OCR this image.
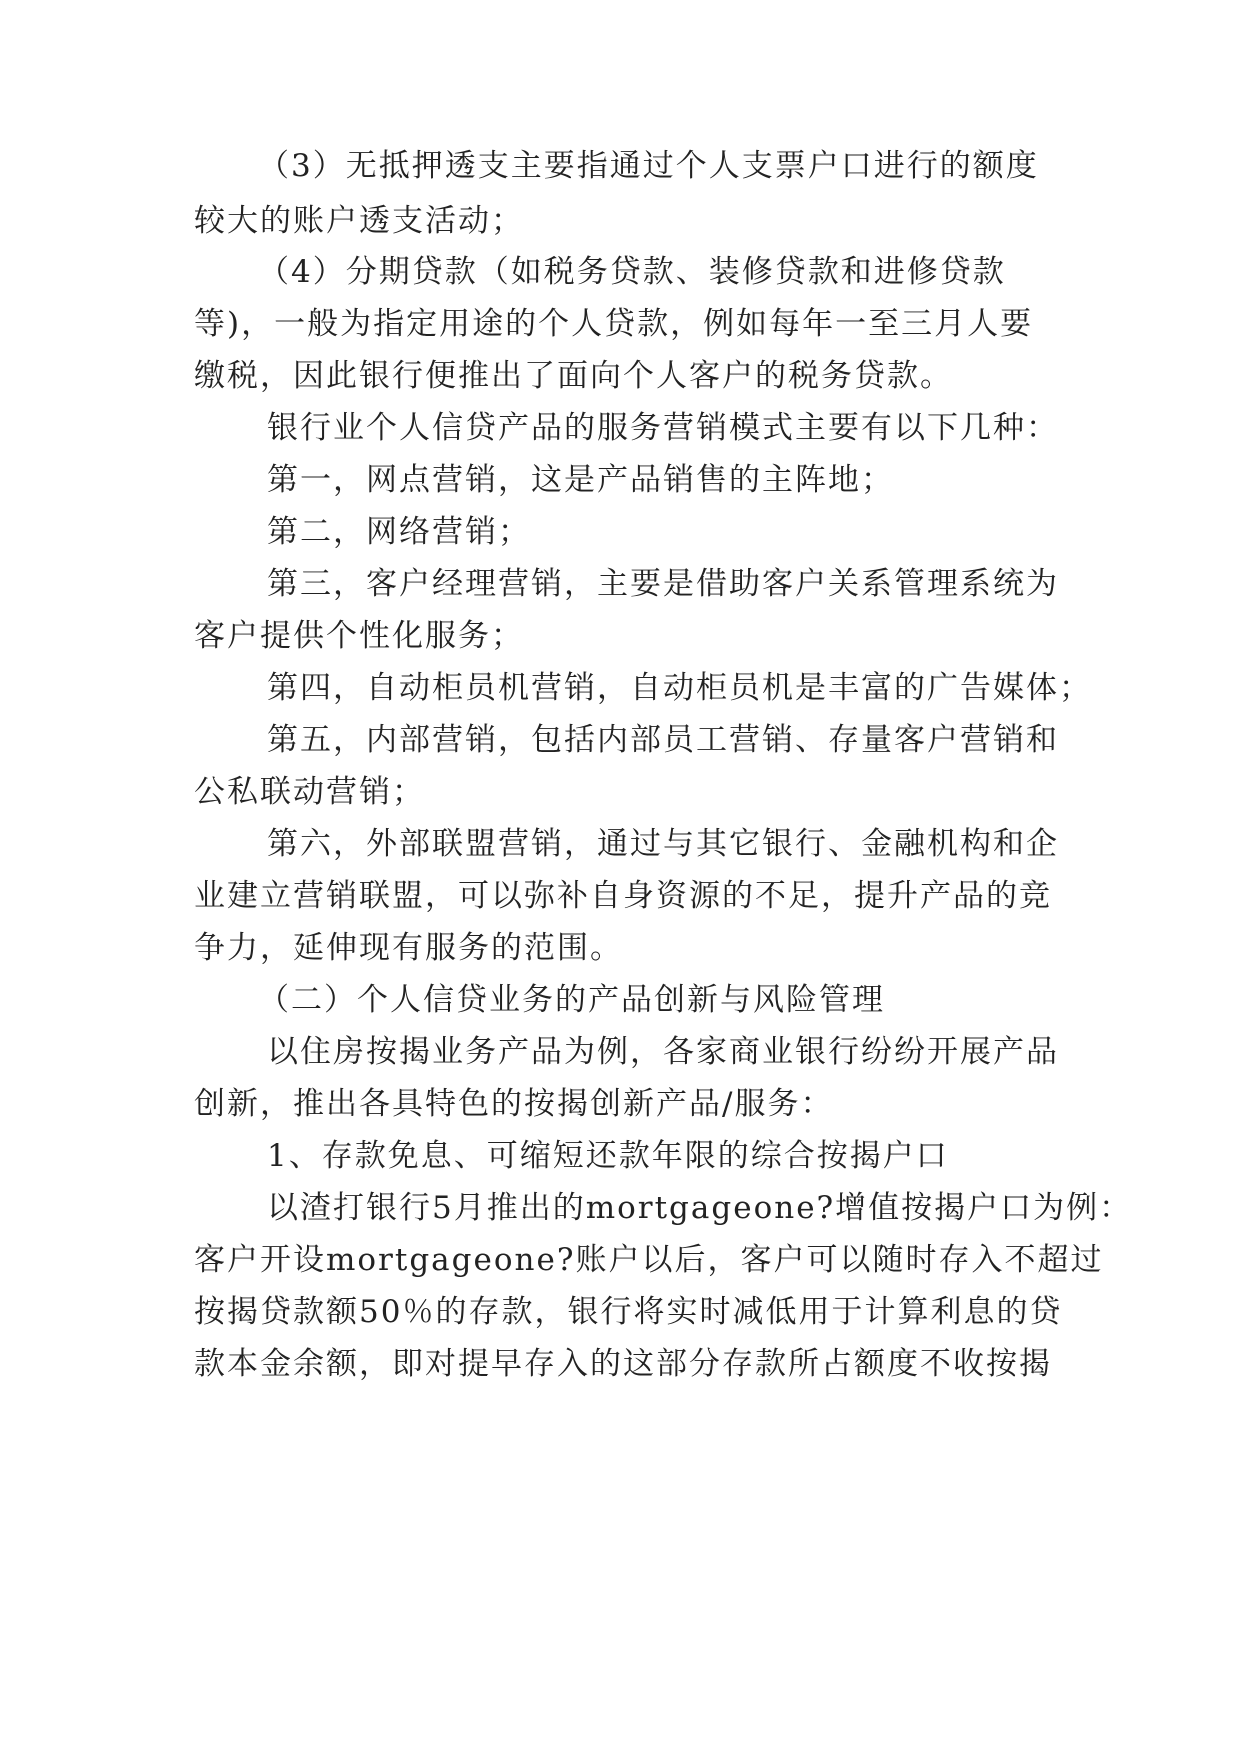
（3）无抵押透支主要指通过个人支票户口进行的额度
较大的账户透支活动；
（4）分期贷款（如税务贷款、装修贷款和进修贷款
等)，一般为指定用途的个人贷款，例如每年一至三月人要
缴税，因此银行便推出了面向个人客户的税务贷款。
银行业个人信贷产品的服务营销模式主要有以下几种：
第一，网点营销，这是产品销售的主阵地；
第二，网络营销；
第三，客户经理营销，主要是借助客户关系管理系统为
客户提供个性化服务；
第四，自动柜员机营销，自动柜员机是丰富的广告媒体；
第五，内部营销，包括内部员工营销、存量客户营销和
公私联动营销；
第六，外部联盟营销，通过与其它银行、金融机构和企
业建立营销联盟，可以弥补自身资源的不足，提升产品的竞
争力，延伸现有服务的范围。
（二）个人信贷业务的产品创新与风险管理
以住房按揭业务产品为例，各家商业银行纷纷开展产品
创新，推出各具特色的按揭创新产品/服务：
1、存款免息、可缩短还款年限的综合按揭户口
以渣打银行5月推出的mortgageone?增值按揭户口为例：
客户开设mortgageone?账户以后，客户可以随时存入不超过
按揭贷款额50％的存款，银行将实时减低用于计算利息的贷
款本金余额，即对提早存入的这部分存款所占额度不收按揭
